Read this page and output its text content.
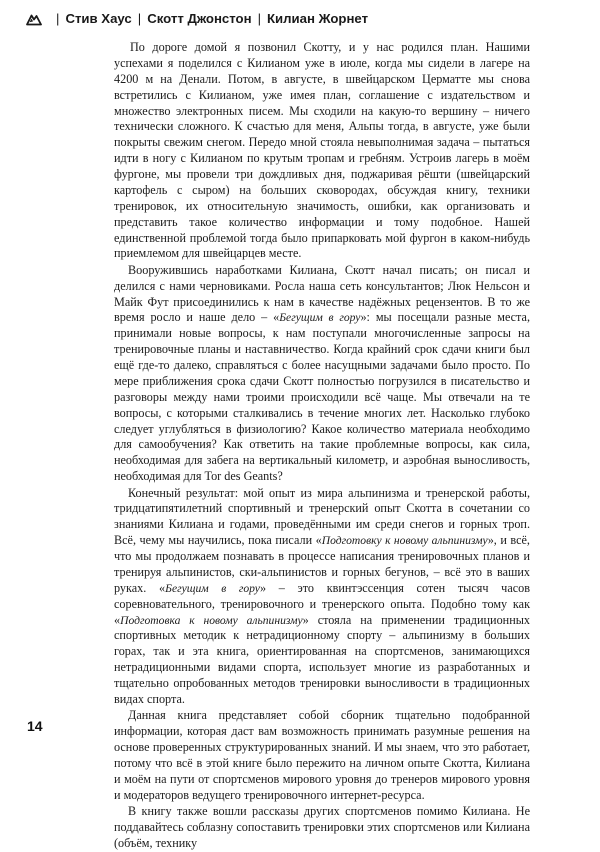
| Стив Хаус | Скотт Джонстон | Килиан Жорнет

По дороге домой я позвонил Скотту, и у нас родился план. Нашими успехами я поделился с Килианом уже в июле, когда мы сидели в лагере на 4200 м на Денали. Потом, в августе, в швейцарском Церматте мы снова встретились с Килианом, уже имея план, соглашение с издательством и множество электронных писем. Мы сходили на какую-то вершину – ничего технически сложного. К счастью для меня, Альпы тогда, в августе, уже были покрыты свежим снегом. Передо мной стояла невыполнимая задача – пытаться идти в ногу с Килианом по крутым тропам и гребням. Устроив лагерь в моём фургоне, мы провели три дождливых дня, поджаривая рёшти (швейцарский картофель с сыром) на больших сковородах, обсуждая книгу, техники тренировок, их относительную значимость, ошибки, как организовать и представить такое количество информации и тому подобное. Нашей единственной проблемой тогда было припарковать мой фургон в каком-нибудь приемлемом для швейцарцев месте.

Вооружившись наработками Килиана, Скотт начал писать; он писал и делился с нами черновиками. Росла наша сеть консультантов; Люк Нельсон и Майк Фут присоединились к нам в качестве надёжных рецензентов. В то же время росло и наше дело – «Бегущим в гору»: мы посещали разные места, принимали новые вопросы, к нам поступали многочисленные запросы на тренировочные планы и наставничество. Когда крайний срок сдачи книги был ещё где-то далеко, справляться с более насущными задачами было просто. По мере приближения срока сдачи Скотт полностью погрузился в писательство и разговоры между нами троими происходили всё чаще. Мы отвечали на те вопросы, с которыми сталкивались в течение многих лет. Насколько глубоко следует углубляться в физиологию? Какое количество материала необходимо для самообучения? Как ответить на такие проблемные вопросы, как сила, необходимая для забега на вертикальный километр, и аэробная выносливость, необходимая для Tor des Geants?

Конечный результат: мой опыт из мира альпинизма и тренерской работы, тридцатипятилетний спортивный и тренерский опыт Скотта в сочетании со знаниями Килиана и годами, проведёнными им среди снегов и горных троп. Всё, чему мы научились, пока писали «Подготовку к новому альпинизму», и всё, что мы продолжаем познавать в процессе написания тренировочных планов и тренируя альпинистов, ски-альпинистов и горных бегунов, – всё это в ваших руках. «Бегущим в гору» – это квинтэссенция сотен тысяч часов соревновательного, тренировочного и тренерского опыта. Подобно тому как «Подготовка к новому альпинизму» стояла на применении традиционных спортивных методик к нетрадиционному спорту – альпинизму в больших горах, так и эта книга, ориентированная на спортсменов, занимающихся нетрадиционными видами спорта, использует многие из разработанных и тщательно опробованных методов тренировки выносливости в традиционных видах спорта.

Данная книга представляет собой сборник тщательно подобранной информации, которая даст вам возможность принимать разумные решения на основе проверенных структурированных знаний. И мы знаем, что это работает, потому что всё в этой книге было пережито на личном опыте Скотта, Килиана и моём на пути от спортсменов мирового уровня до тренеров мирового уровня и модераторов ведущего тренировочного интернет-ресурса.

В книгу также вошли рассказы других спортсменов помимо Килиана. Не поддавайтесь соблазну сопоставить тренировки этих спортсменов или Килиана (объём, технику

14
